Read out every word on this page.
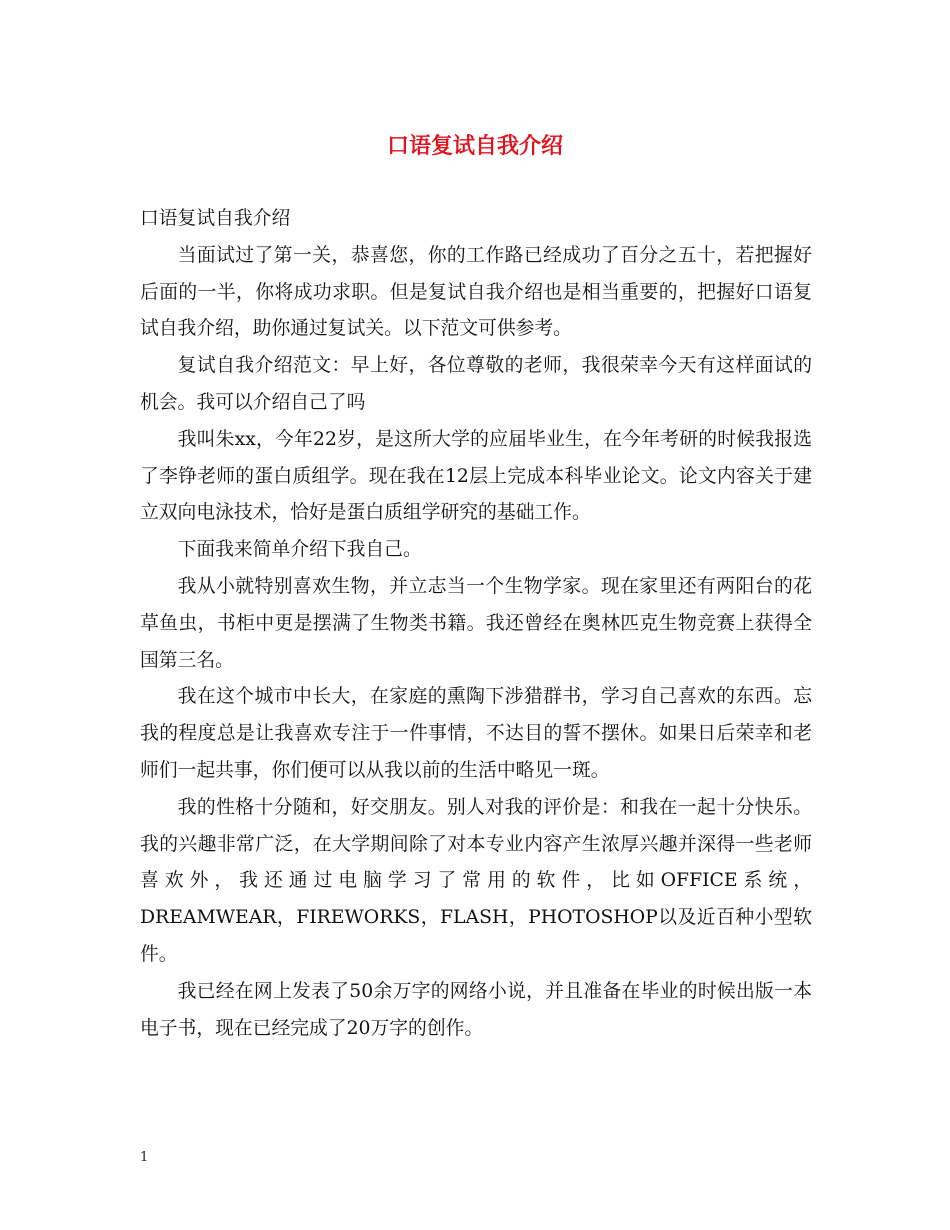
口语复试自我介绍

口语复试自我介绍

当面试过了第一关，恭喜您，你的工作路已经成功了百分之五十，若把握好后面的一半，你将成功求职。但是复试自我介绍也是相当重要的，把握好口语复试自我介绍，助你通过复试关。以下范文可供参考。

复试自我介绍范文：早上好，各位尊敬的老师，我很荣幸今天有这样面试的机会。我可以介绍自己了吗

我叫朱xx，今年22岁，是这所大学的应届毕业生，在今年考研的时候我报选了李铮老师的蛋白质组学。现在我在12层上完成本科毕业论文。论文内容关于建立双向电泳技术，恰好是蛋白质组学研究的基础工作。

下面我来简单介绍下我自己。

我从小就特别喜欢生物，并立志当一个生物学家。现在家里还有两阳台的花草鱼虫，书柜中更是摆满了生物类书籍。我还曾经在奥林匹克生物竞赛上获得全国第三名。

我在这个城市中长大，在家庭的熏陶下涉猎群书，学习自己喜欢的东西。忘我的程度总是让我喜欢专注于一件事情，不达目的誓不摆休。如果日后荣幸和老师们一起共事，你们便可以从我以前的生活中略见一斑。

我的性格十分随和，好交朋友。别人对我的评价是：和我在一起十分快乐。我的兴趣非常广泛，在大学期间除了对本专业内容产生浓厚兴趣并深得一些老师喜欢外，我还通过电脑学习了常用的软件，比如OFFICE系统，DREAMWEAR，FIREWORKS，FLASH，PHOTOSHOP以及近百种小型软件。

我已经在网上发表了50余万字的网络小说，并且准备在毕业的时候出版一本电子书，现在已经完成了20万字的创作。

1
